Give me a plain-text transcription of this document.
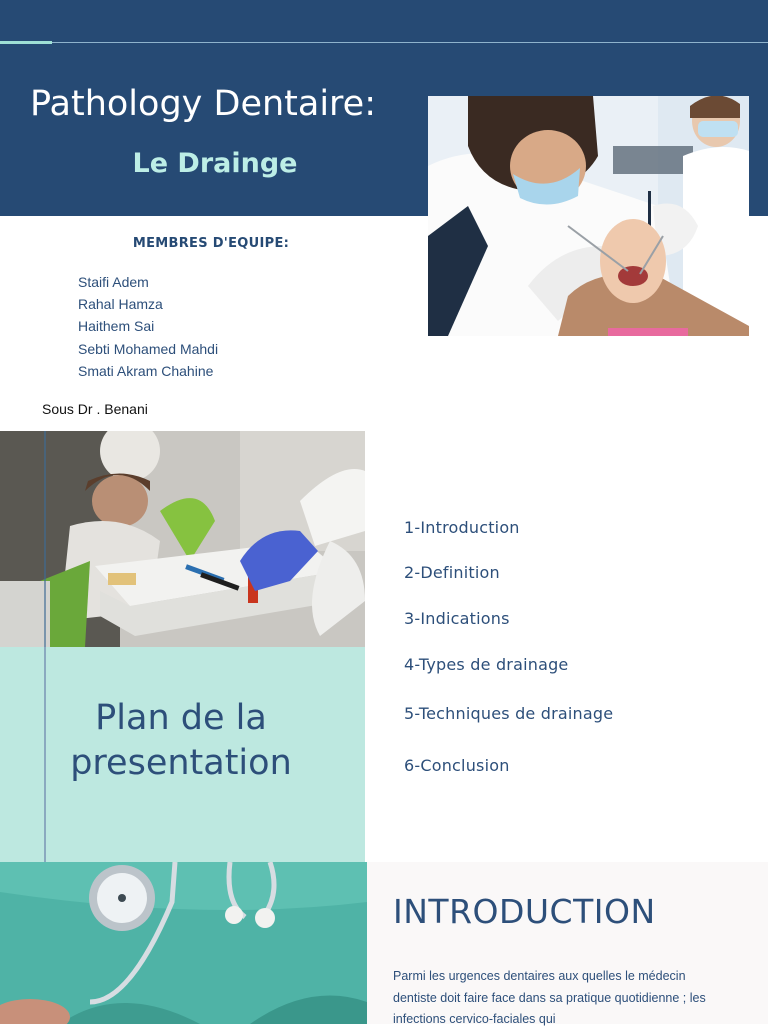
Pathology Dentaire:
Le Drainge
MEMBRES D'EQUIPE:
Staifi Adem
Rahal Hamza
Haithem Sai
Sebti Mohamed Mahdi
Smati Akram Chahine
Sous Dr . Benani
Plan de la
presentation
1-Introduction
2-Definition
3-Indications
4-Types de drainage
5-Techniques de drainage
6-Conclusion
INTRODUCTION
Parmi les urgences dentaires aux quelles le médecin dentiste doit faire face dans sa pratique quotidienne ; les infections cervico-faciales qui
